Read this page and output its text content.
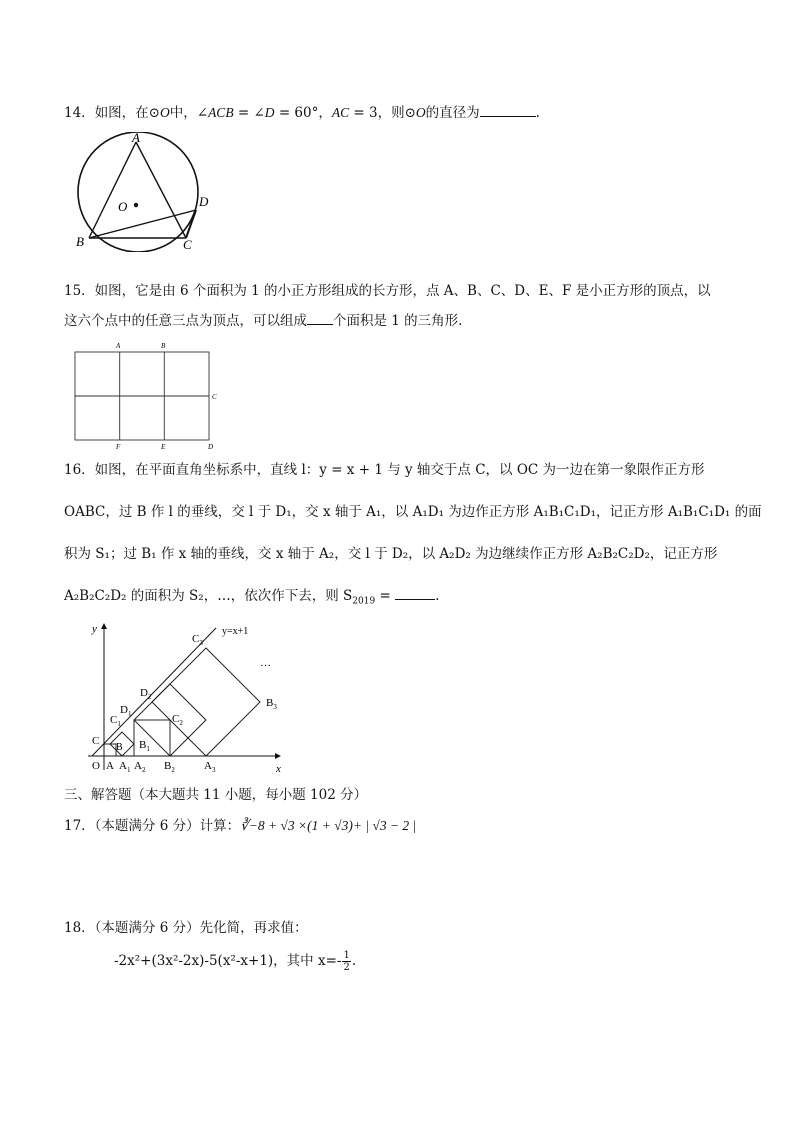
14．如图，在⊙O中，∠ACB = ∠D = 60°，AC = 3，则⊙O的直径为	.
A
O	D
B	C
15．如图，它是由 6 个面积为 1 的小正方形组成的长方形，点 A、B、C、D、E、F 是小正方形的顶点，以
这六个点中的任意三点为顶点，可以组成 个面积是 1 的三角形.
A	B
C
D
E
F
16．如图，在平面直角坐标系中，直线 l：y = x + 1 与 y 轴交于点 C，以 OC 为一边在第一象限作正方形
OABC，过 B 作 l 的垂线，交 l 于 D₁，交 x 轴于 A₁，以 A₁D₁ 为边作正方形 A₁B₁C₁D₁，记正方形 A₁B₁C₁D₁ 的面
积为 S₁；过 B₁ 作 x 轴的垂线，交 x 轴于 A₂，交 l 于 D₂，以 A₂D₂ 为边继续作正方形 A₂B₂C₂D₂，记正方形
A₂B₂C₂D₂ 的面积为 S₂，…，依次作下去，则 $S_{2019}$ =	.
y
x
y=x+1
…
$C_3$
$B_3$
$D_2$
$D_1$
$C_1$	$C_2$
C
B $B_1$
O A $A_1$ $A_2$ $B_2$	$A_3$
三、解答题（本大题共 11 小题，每小题 102 分）
17．（本题满分 6 分）计算：∛−8 + √3 ×(1 + √3)+ | √3 − 2 |
18．（本题满分 6 分）先化简，再求值：
-2x²+(3x²-2x)-5(x²-x+1)，其中 $x=- \frac{1}{2}$ .
